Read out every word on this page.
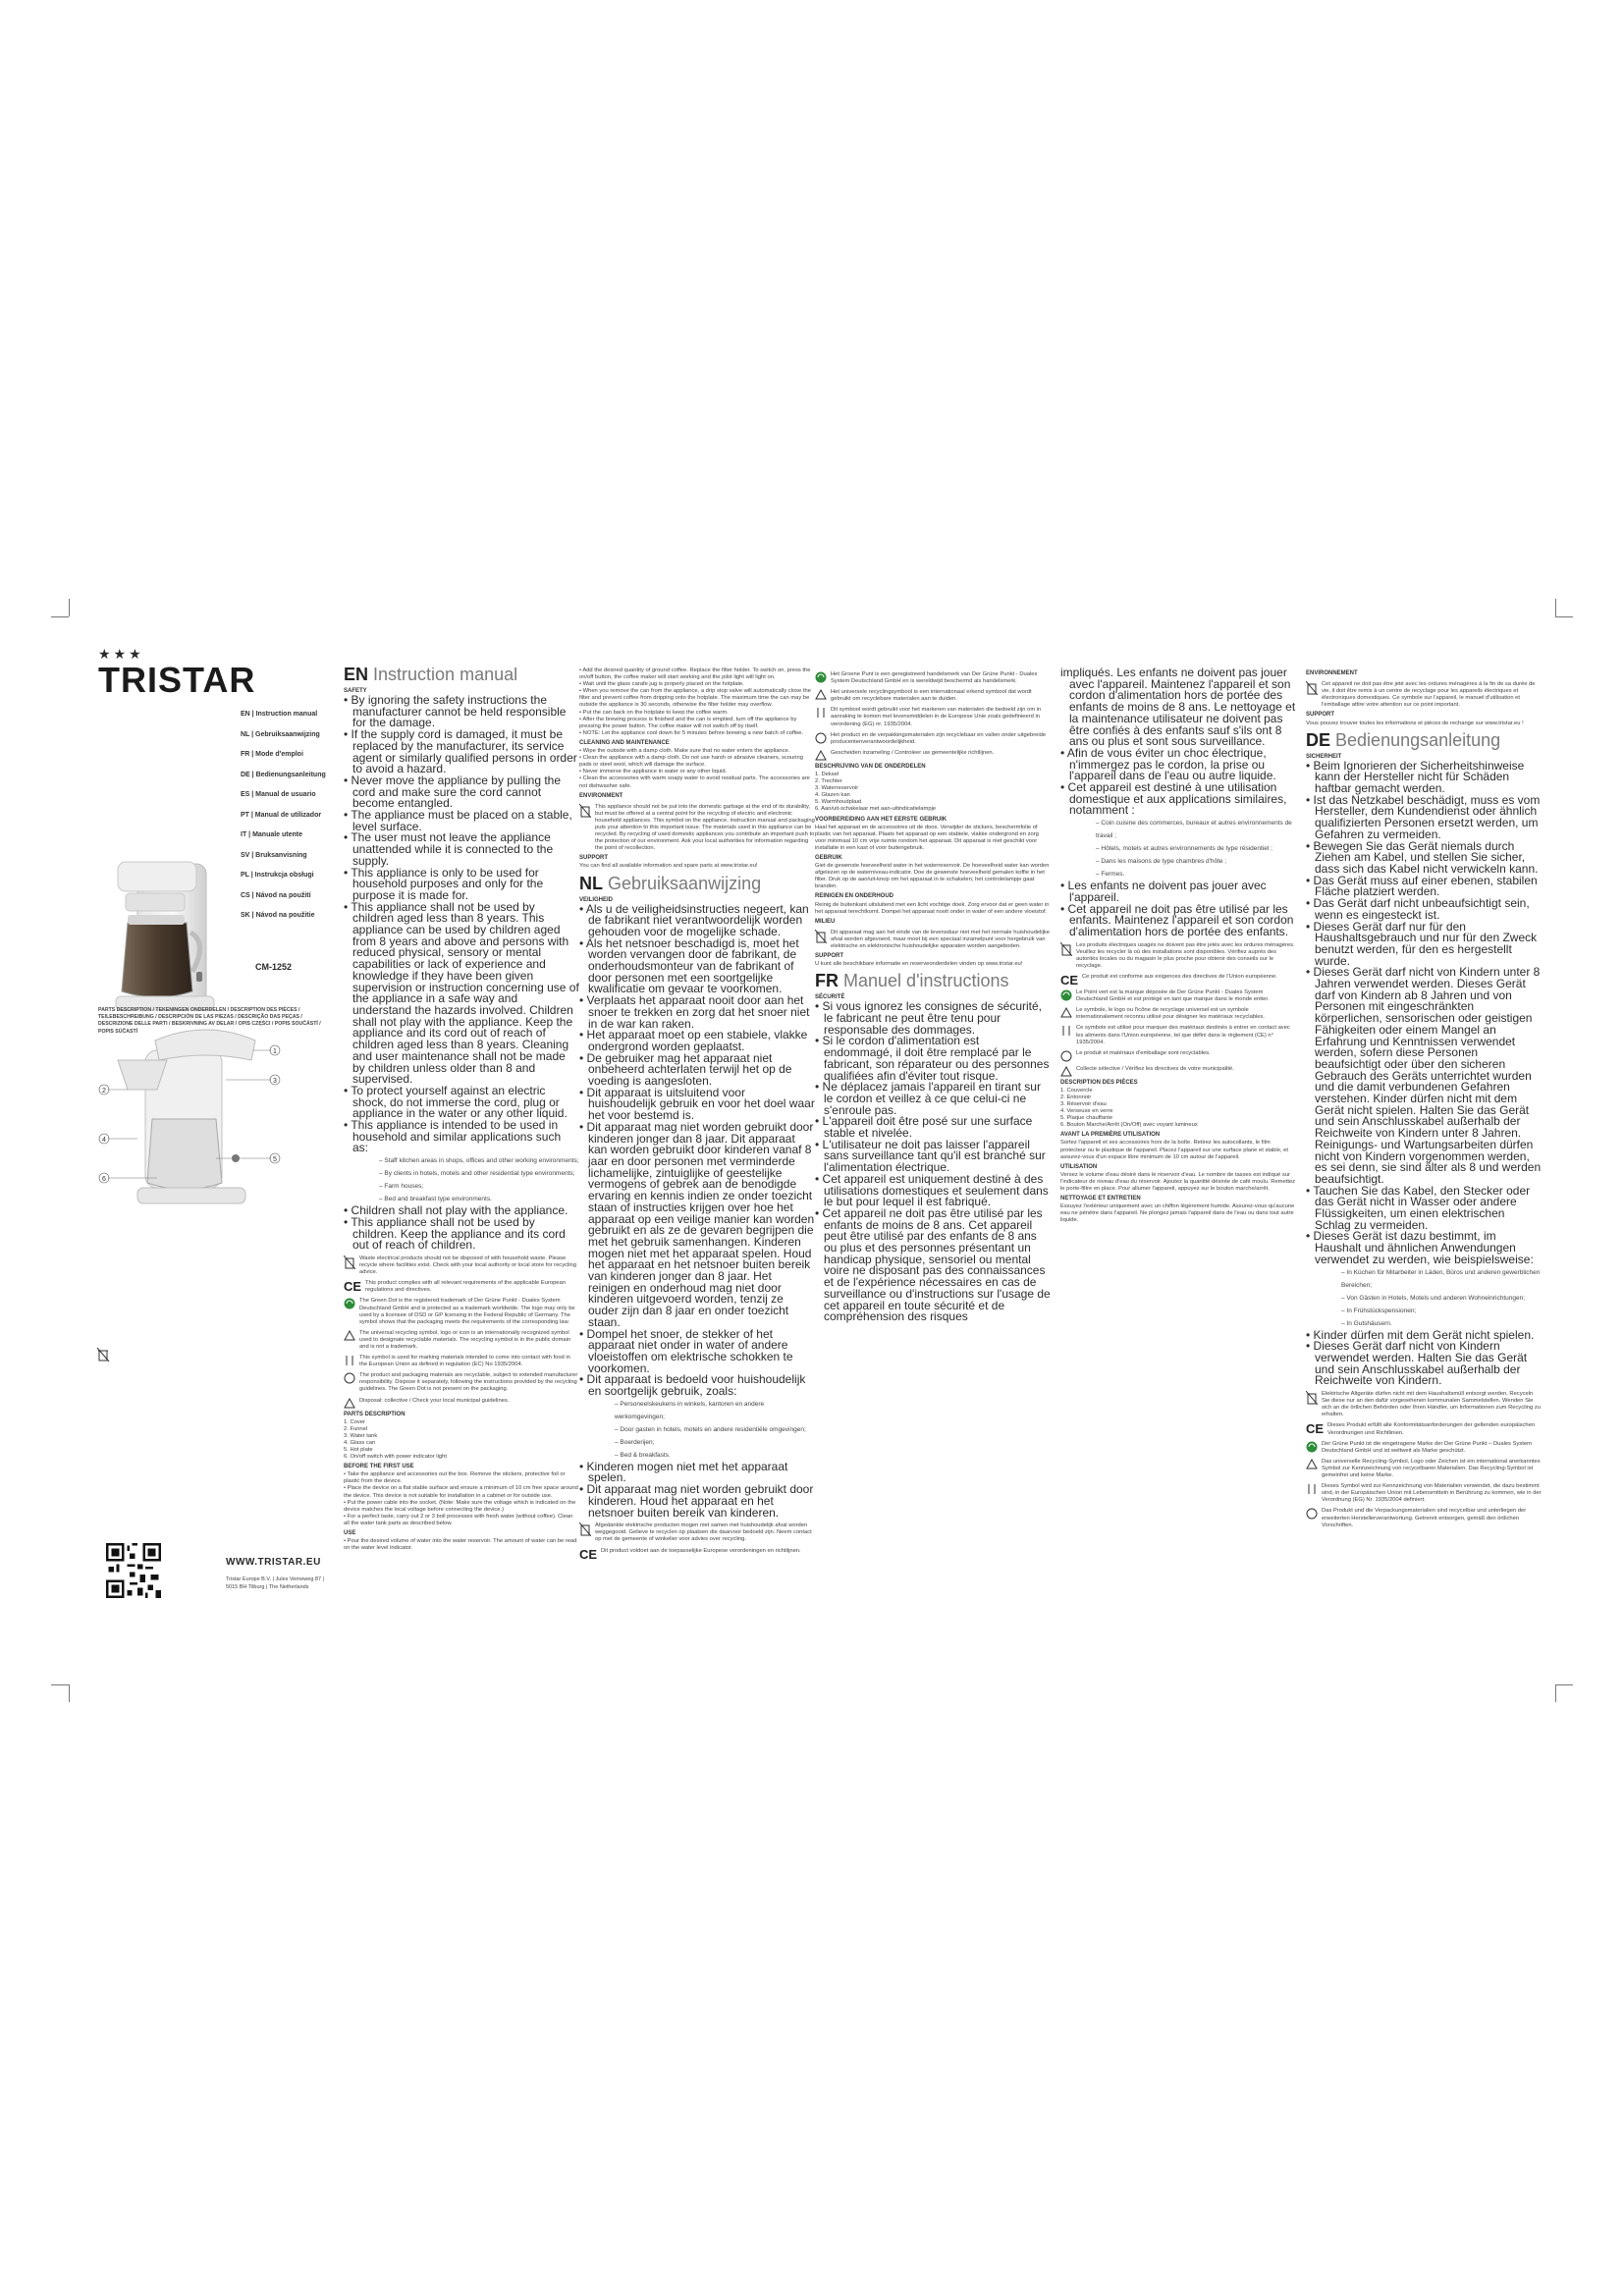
★★★
TRISTAR
EN | Instruction manual
NL | Gebruiksaanwijzing
FR | Mode d'emploi
DE | Bedienungsanleitung
ES | Manual de usuario
PT | Manual de utilizador
IT | Manuale utente
SV | Bruksanvisning
PL | Instrukcja obsługi
CS | Návod na použití
SK | Návod na použitie
CM-1252
PARTS DESCRIPTION / TEKENINGEN ONDERDELEN / DESCRIPTION DES PIÈCES / TEILEBESCHREIBUNG / DESCRIPCIÓN DE LAS PIEZAS / DESCRIÇÃO DAS PEÇAS / DESCRIZIONE DELLE PARTI / BESKRIVNING AV DELAR / OPIS CZĘŚCI / POPIS SOUČÁSTÍ / POPIS SÚČASTÍ
1
2
3
4
5
6
WWW.TRISTAR.EU
Tristar Europe B.V. | Jules Verneweg 87 | 5015 BH Tilburg | The Netherlands
EN Instruction manual
SAFETY
• By ignoring the safety instructions the manufacturer cannot be held responsible for the damage.
• If the supply cord is damaged, it must be replaced by the manufacturer, its service agent or similarly qualified persons in order to avoid a hazard.
• Never move the appliance by pulling the cord and make sure the cord cannot become entangled.
• The appliance must be placed on a stable, level surface.
• The user must not leave the appliance unattended while it is connected to the supply.
• This appliance is only to be used for household purposes and only for the purpose it is made for.
• This appliance shall not be used by children aged less than 8 years. This appliance can be used by children aged from 8 years and above and persons with reduced physical, sensory or mental capabilities or lack of experience and knowledge if they have been given supervision or instruction concerning use of the appliance in a safe way and understand the hazards involved. Children shall not play with the appliance. Keep the appliance and its cord out of reach of children aged less than 8 years. Cleaning and user maintenance shall not be made by children unless older than 8 and supervised.
• To protect yourself against an electric shock, do not immerse the cord, plug or appliance in the water or any other liquid.
• This appliance is intended to be used in household and similar applications such as:
– Staff kitchen areas in shops, offices and other working environments;
– By clients in hotels, motels and other residential type environments;
– Farm houses;
– Bed and breakfast type environments.
• Children shall not play with the appliance.
• This appliance shall not be used by children. Keep the appliance and its cord out of reach of children.
Waste electrical products should not be disposed of with household waste. Please recycle where facilities exist. Check with your local authority or local store for recycling advice.
CE This product complies with all relevant requirements of the applicable European regulations and directives.
The Green Dot is the registered trademark of Der Grüne Punkt - Duales System Deutschland GmbH and is protected as a trademark worldwide. The logo may only be used by a licensee of DSD or GP licensing in the Federal Republic of Germany. The symbol shows that the packaging meets the requirements of the corresponding law.
The universal recycling symbol, logo or icon is an internationally recognized symbol used to designate recyclable materials. The recycling symbol is in the public domain and is not a trademark.
This symbol is used for marking materials intended to come into contact with food in the European Union as defined in regulation (EC) No 1935/2004.
The product and packaging materials are recyclable, subject to extended manufacturer responsibility. Dispose it separately, following the instructions provided by the recycling guidelines. The Green Dot is not present on the packaging.
Disposal: collective / Check your local municipal guidelines.
PARTS DESCRIPTION
1. Cover
2. Funnel
3. Water tank
4. Glass can
5. Hot plate
6. On/off switch with power indicator light
BEFORE THE FIRST USE
• Take the appliance and accessories out the box. Remove the stickers, protective foil or plastic from the device.
• Place the device on a flat stable surface and ensure a minimum of 10 cm free space around the device. This device is not suitable for installation in a cabinet or for outside use.
• Put the power cable into the socket. (Note: Make sure the voltage which is indicated on the device matches the local voltage before connecting the device.)
• For a perfect taste, carry out 2 or 3 boil processes with fresh water (without coffee). Clean all the water tank parts as described below.
USE
• Pour the desired volume of water into the water reservoir. The amount of water can be read on the water level indicator.
• Add the desired quantity of ground coffee. Replace the filter holder. To switch on, press the on/off button, the coffee maker will start working and the pilot light will light on.
• Wait until the glass carafe jug is properly placed on the hotplate.
• When you remove the can from the appliance, a drip stop valve will automatically close the filter and prevent coffee from dripping onto the hotplate. The maximum time the can may be outside the appliance is 30 seconds, otherwise the filter holder may overflow.
• Put the can back on the hotplate to keep the coffee warm.
• After the brewing process is finished and the can is emptied, turn off the appliance by pressing the power button. The coffee maker will not switch off by itself.
• NOTE: Let the appliance cool down for 5 minutes before brewing a new batch of coffee.
CLEANING AND MAINTENANCE
• Wipe the outside with a damp cloth. Make sure that no water enters the appliance.
• Clean the appliance with a damp cloth. Do not use harsh or abrasive cleaners, scouring pads or steel wool, which will damage the surface.
• Never immerse the appliance in water or any other liquid.
• Clean the accessories with warm soapy water to avoid residual parts. The accessories are not dishwasher safe.
ENVIRONMENT
This appliance should not be put into the domestic garbage at the end of its durability, but must be offered at a central point for the recycling of electric and electronic household appliances. This symbol on the appliance, instruction manual and packaging puts your attention to this important issue. The materials used in this appliance can be recycled. By recycling of used domestic appliances you contribute an important push to the protection of our environment. Ask your local authorities for information regarding the point of recollection.
SUPPORT
You can find all available information and spare parts at www.tristar.eu!
NL Gebruiksaanwijzing
VEILIGHEID
• Als u de veiligheidsinstructies negeert, kan de fabrikant niet verantwoordelijk worden gehouden voor de mogelijke schade.
• Als het netsnoer beschadigd is, moet het worden vervangen door de fabrikant, de onderhoudsmonteur van de fabrikant of door personen met een soortgelijke kwalificatie om gevaar te voorkomen.
• Verplaats het apparaat nooit door aan het snoer te trekken en zorg dat het snoer niet in de war kan raken.
• Het apparaat moet op een stabiele, vlakke ondergrond worden geplaatst.
• De gebruiker mag het apparaat niet onbeheerd achterlaten terwijl het op de voeding is aangesloten.
• Dit apparaat is uitsluitend voor huishoudelijk gebruik en voor het doel waar het voor bestemd is.
• Dit apparaat mag niet worden gebruikt door kinderen jonger dan 8 jaar. Dit apparaat kan worden gebruikt door kinderen vanaf 8 jaar en door personen met verminderde lichamelijke, zintuiglijke of geestelijke vermogens of gebrek aan de benodigde ervaring en kennis indien ze onder toezicht staan of instructies krijgen over hoe het apparaat op een veilige manier kan worden gebruikt en als ze de gevaren begrijpen die met het gebruik samenhangen. Kinderen mogen niet met het apparaat spelen. Houd het apparaat en het netsnoer buiten bereik van kinderen jonger dan 8 jaar. Het reinigen en onderhoud mag niet door kinderen uitgevoerd worden, tenzij ze ouder zijn dan 8 jaar en onder toezicht staan.
• Dompel het snoer, de stekker of het apparaat niet onder in water of andere vloeistoffen om elektrische schokken te voorkomen.
• Dit apparaat is bedoeld voor huishoudelijk en soortgelijk gebruik, zoals:
– Personeelskeukens in winkels, kantoren en andere werkomgevingen;
– Door gasten in hotels, motels en andere residentiële omgevingen;
– Boerderijen;
– Bed & breakfasts.
• Kinderen mogen niet met het apparaat spelen.
• Dit apparaat mag niet worden gebruikt door kinderen. Houd het apparaat en het netsnoer buiten bereik van kinderen.
Afgedankte elektrische producten mogen niet samen met huishoudelijk afval worden weggegooid. Gelieve te recyclen op plaatsen die daarvoor bedoeld zijn. Neem contact op met de gemeente of winkelier voor advies over recycling.
CE Dit product voldoet aan de toepasselijke Europese verordeningen en richtlijnen.
Het Groene Punt is een geregistreerd handelsmerk van Der Grüne Punkt - Duales System Deutschland GmbH en is wereldwijd beschermd als handelsmerk.
Het universele recyclingsymbool is een internationaal erkend symbool dat wordt gebruikt om recyclebare materialen aan te duiden.
Dit symbool wordt gebruikt voor het markeren van materialen die bedoeld zijn om in aanraking te komen met levensmiddelen in de Europese Unie zoals gedefinieerd in verordening (EG) nr. 1935/2004.
Het product en de verpakkingsmaterialen zijn recyclebaar en vallen onder uitgebreide producentenverantwoordelijkheid.
Gescheiden inzameling / Controleer uw gemeentelijke richtlijnen.
BESCHRIJVING VAN DE ONDERDELEN
1. Deksel
2. Trechter
3. Waterreservoir
4. Glazen kan
5. Warmhoudplaat
6. Aan/uit-schakelaar met aan-uitindicatielampje
VOORBEREIDING AAN HET EERSTE GEBRUIK
Haal het apparaat en de accessoires uit de doos. Verwijder de stickers, beschermfolie of plastic van het apparaat. Plaats het apparaat op een stabiele, vlakke ondergrond en zorg voor minimaal 10 cm vrije ruimte rondom het apparaat. Dit apparaat is niet geschikt voor installatie in een kast of voor buitengebruik.
GEBRUIK
Giet de gewenste hoeveelheid water in het waterreservoir. De hoeveelheid water kan worden afgelezen op de waterniveau-indicator. Doe de gewenste hoeveelheid gemalen koffie in het filter. Druk op de aan/uit-knop om het apparaat in te schakelen; het controlelampje gaat branden.
REINIGEN EN ONDERHOUD
Reinig de buitenkant uitsluitend met een licht vochtige doek. Zorg ervoor dat er geen water in het apparaat terechtkomt. Dompel het apparaat nooit onder in water of een andere vloeistof.
MILIEU
Dit apparaat mag aan het einde van de levensduur niet met het normale huishoudelijke afval worden afgevoerd, maar moet bij een speciaal inzamelpunt voor hergebruik van elektrische en elektronische huishoudelijke apparaten worden aangeboden.
SUPPORT
U kunt alle beschikbare informatie en reserveonderdelen vinden op www.tristar.eu!
FR Manuel d'instructions
SÉCURITÉ
• Si vous ignorez les consignes de sécurité, le fabricant ne peut être tenu pour responsable des dommages.
• Si le cordon d'alimentation est endommagé, il doit être remplacé par le fabricant, son réparateur ou des personnes qualifiées afin d'éviter tout risque.
• Ne déplacez jamais l'appareil en tirant sur le cordon et veillez à ce que celui-ci ne s'enroule pas.
• L'appareil doit être posé sur une surface stable et nivelée.
• L'utilisateur ne doit pas laisser l'appareil sans surveillance tant qu'il est branché sur l'alimentation électrique.
• Cet appareil est uniquement destiné à des utilisations domestiques et seulement dans le but pour lequel il est fabriqué.
• Cet appareil ne doit pas être utilisé par les enfants de moins de 8 ans. Cet appareil peut être utilisé par des enfants de 8 ans ou plus et des personnes présentant un handicap physique, sensoriel ou mental voire ne disposant pas des connaissances et de l'expérience nécessaires en cas de surveillance ou d'instructions sur l'usage de cet appareil en toute sécurité et de compréhension des risques
impliqués. Les enfants ne doivent pas jouer avec l'appareil. Maintenez l'appareil et son cordon d'alimentation hors de portée des enfants de moins de 8 ans. Le nettoyage et la maintenance utilisateur ne doivent pas être confiés à des enfants sauf s'ils ont 8 ans ou plus et sont sous surveillance.
• Afin de vous éviter un choc électrique, n'immergez pas le cordon, la prise ou l'appareil dans de l'eau ou autre liquide.
• Cet appareil est destiné à une utilisation domestique et aux applications similaires, notamment :
– Coin cuisine des commerces, bureaux et autres environnements de travail ;
– Hôtels, motels et autres environnements de type résidentiel ;
– Dans les maisons de type chambres d'hôte ;
– Fermes.
• Les enfants ne doivent pas jouer avec l'appareil.
• Cet appareil ne doit pas être utilisé par les enfants. Maintenez l'appareil et son cordon d'alimentation hors de portée des enfants.
Les produits électriques usagés ne doivent pas être jetés avec les ordures ménagères. Veuillez les recycler là où des installations sont disponibles. Vérifiez auprès des autorités locales ou du magasin le plus proche pour obtenir des conseils sur le recyclage.
CE Ce produit est conforme aux exigences des directives de l'Union européenne.
Le Point vert est la marque déposée de Der Grüne Punkt - Duales System Deutschland GmbH et est protégé en tant que marque dans le monde entier.
Le symbole, le logo ou l'icône de recyclage universel est un symbole internationalement reconnu utilisé pour désigner les matériaux recyclables.
Ce symbole est utilisé pour marquer des matériaux destinés à entrer en contact avec les aliments dans l'Union européenne, tel que défini dans le règlement (CE) n° 1935/2004.
Le produit et matériaux d'emballage sont recyclables.
Collecte sélective / Vérifiez les directives de votre municipalité.
DESCRIPTION DES PIÈCES
1. Couvercle
2. Entonnoir
3. Réservoir d'eau
4. Verseuse en verre
5. Plaque chauffante
6. Bouton Marche/Arrêt (On/Off) avec voyant lumineux
AVANT LA PREMIÈRE UTILISATION
Sortez l'appareil et ses accessoires hors de la boîte. Retirez les autocollants, le film protecteur ou le plastique de l'appareil. Placez l'appareil sur une surface plane et stable, et assurez-vous d'un espace libre minimum de 10 cm autour de l'appareil.
UTILISATION
Versez le volume d'eau désiré dans le réservoir d'eau. Le nombre de tasses est indiqué sur l'indicateur de niveau d'eau du réservoir. Ajoutez la quantité désirée de café moulu. Remettez le porte-filtre en place. Pour allumer l'appareil, appuyez sur le bouton marche/arrêt.
NETTOYAGE ET ENTRETIEN
Essuyez l'extérieur uniquement avec un chiffon légèrement humide. Assurez-vous qu'aucune eau ne pénètre dans l'appareil. Ne plongez jamais l'appareil dans de l'eau ou dans tout autre liquide.
ENVIRONNEMENT
Cet appareil ne doit pas être jeté avec les ordures ménagères à la fin de sa durée de vie, il doit être remis à un centre de recyclage pour les appareils électriques et électroniques domestiques. Ce symbole sur l'appareil, le manuel d'utilisation et l'emballage attire votre attention sur ce point important.
SUPPORT
Vous pouvez trouver toutes les informations et pièces de rechange sur www.tristar.eu !
DE Bedienungsanleitung
SICHERHEIT
• Beim Ignorieren der Sicherheitshinweise kann der Hersteller nicht für Schäden haftbar gemacht werden.
• Ist das Netzkabel beschädigt, muss es vom Hersteller, dem Kundendienst oder ähnlich qualifizierten Personen ersetzt werden, um Gefahren zu vermeiden.
• Bewegen Sie das Gerät niemals durch Ziehen am Kabel, und stellen Sie sicher, dass sich das Kabel nicht verwickeln kann.
• Das Gerät muss auf einer ebenen, stabilen Fläche platziert werden.
• Das Gerät darf nicht unbeaufsichtigt sein, wenn es eingesteckt ist.
• Dieses Gerät darf nur für den Haushaltsgebrauch und nur für den Zweck benutzt werden, für den es hergestellt wurde.
• Dieses Gerät darf nicht von Kindern unter 8 Jahren verwendet werden. Dieses Gerät darf von Kindern ab 8 Jahren und von Personen mit eingeschränkten körperlichen, sensorischen oder geistigen Fähigkeiten oder einem Mangel an Erfahrung und Kenntnissen verwendet werden, sofern diese Personen beaufsichtigt oder über den sicheren Gebrauch des Geräts unterrichtet wurden und die damit verbundenen Gefahren verstehen. Kinder dürfen nicht mit dem Gerät nicht spielen. Halten Sie das Gerät und sein Anschlusskabel außerhalb der Reichweite von Kindern unter 8 Jahren. Reinigungs- und Wartungsarbeiten dürfen nicht von Kindern vorgenommen werden, es sei denn, sie sind älter als 8 und werden beaufsichtigt.
• Tauchen Sie das Kabel, den Stecker oder das Gerät nicht in Wasser oder andere Flüssigkeiten, um einen elektrischen Schlag zu vermeiden.
• Dieses Gerät ist dazu bestimmt, im Haushalt und ähnlichen Anwendungen verwendet zu werden, wie beispielsweise:
– In Küchen für Mitarbeiter in Läden, Büros und anderen gewerblichen Bereichen;
– Von Gästen in Hotels, Motels und anderen Wohneinrichtungen;
– In Frühstückspensionen;
– In Gutshäusern.
• Kinder dürfen mit dem Gerät nicht spielen.
• Dieses Gerät darf nicht von Kindern verwendet werden. Halten Sie das Gerät und sein Anschlusskabel außerhalb der Reichweite von Kindern.
Elektrische Altgeräte dürfen nicht mit dem Haushaltsmüll entsorgt werden. Recyceln Sie diese nur an den dafür vorgesehenen kommunalen Sammelstellen. Wenden Sie sich an die örtlichen Behörden oder Ihren Händler, um Informationen zum Recycling zu erhalten.
CE Dieses Produkt erfüllt alle Konformitätsanforderungen der geltenden europäischen Verordnungen und Richtlinien.
Der Grüne Punkt ist die eingetragene Marke der Der Grüne Punkt – Duales System Deutschland GmbH und ist weltweit als Marke geschützt.
Das universelle Recycling-Symbol, Logo oder Zeichen ist ein international anerkanntes Symbol zur Kennzeichnung von recycelbaren Materialien. Das Recycling-Symbol ist gemeinfrei und keine Marke.
Dieses Symbol wird zur Kennzeichnung von Materialien verwendet, die dazu bestimmt sind, in der Europäischen Union mit Lebensmitteln in Berührung zu kommen, wie in der Verordnung (EG) Nr. 1935/2004 definiert.
Das Produkt und die Verpackungsmaterialien sind recycelbar und unterliegen der erweiterten Herstellerverantwortung. Getrennt entsorgen, gemäß den örtlichen Vorschriften.
